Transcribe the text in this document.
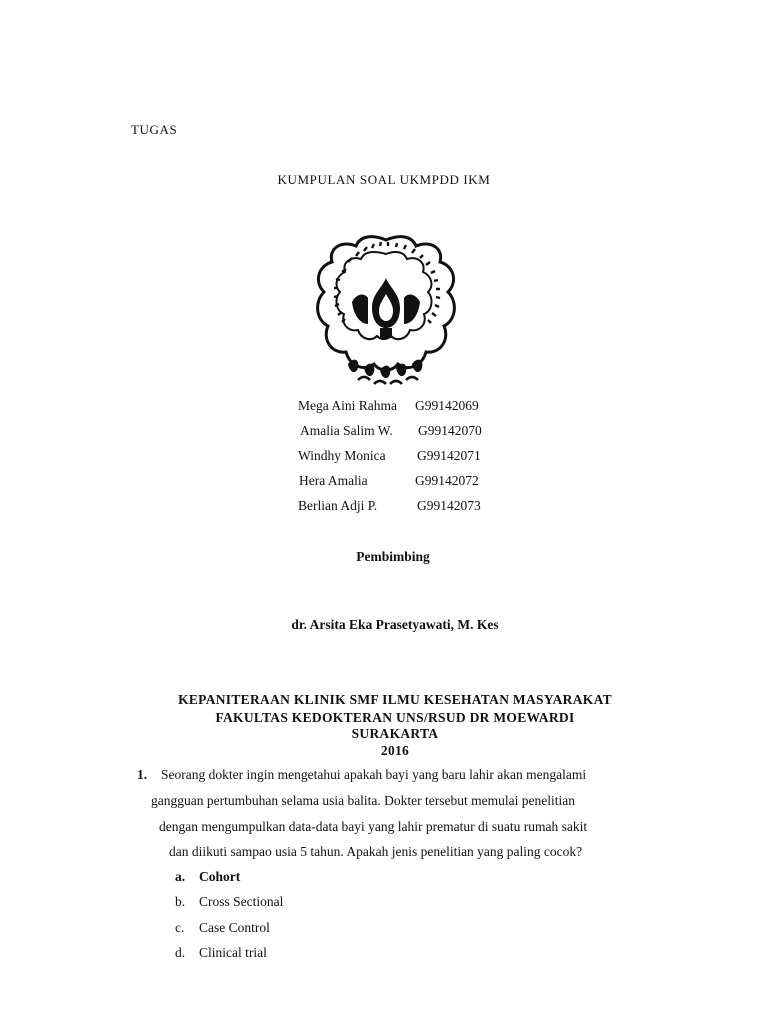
TUGAS
KUMPULAN SOAL UKMPDD IKM
Mega Aini Rahma G99142069
Amalia Salim W. G99142070
Windhy Monica G99142071
Hera Amalia	G99142072
Berlian Adji P.	G99142073
Pembimbing
dr. Arsita Eka Prasetyawati, M. Kes
KEPANITERAAN KLINIK SMF ILMU KESEHATAN MASYARAKAT
FAKULTAS KEDOKTERAN UNS/RSUD DR MOEWARDI
SURAKARTA
2016
1. Seorang dokter ingin mengetahui apakah bayi yang baru lahir akan mengalami
gangguan pertumbuhan selama usia balita. Dokter tersebut memulai penelitian
dengan mengumpulkan data-data bayi yang lahir prematur di suatu rumah sakit
dan diikuti sampao usia 5 tahun. Apakah jenis penelitian yang paling cocok?
a. Cohort
b. Cross Sectional
c. Case Control
d. Clinical trial
